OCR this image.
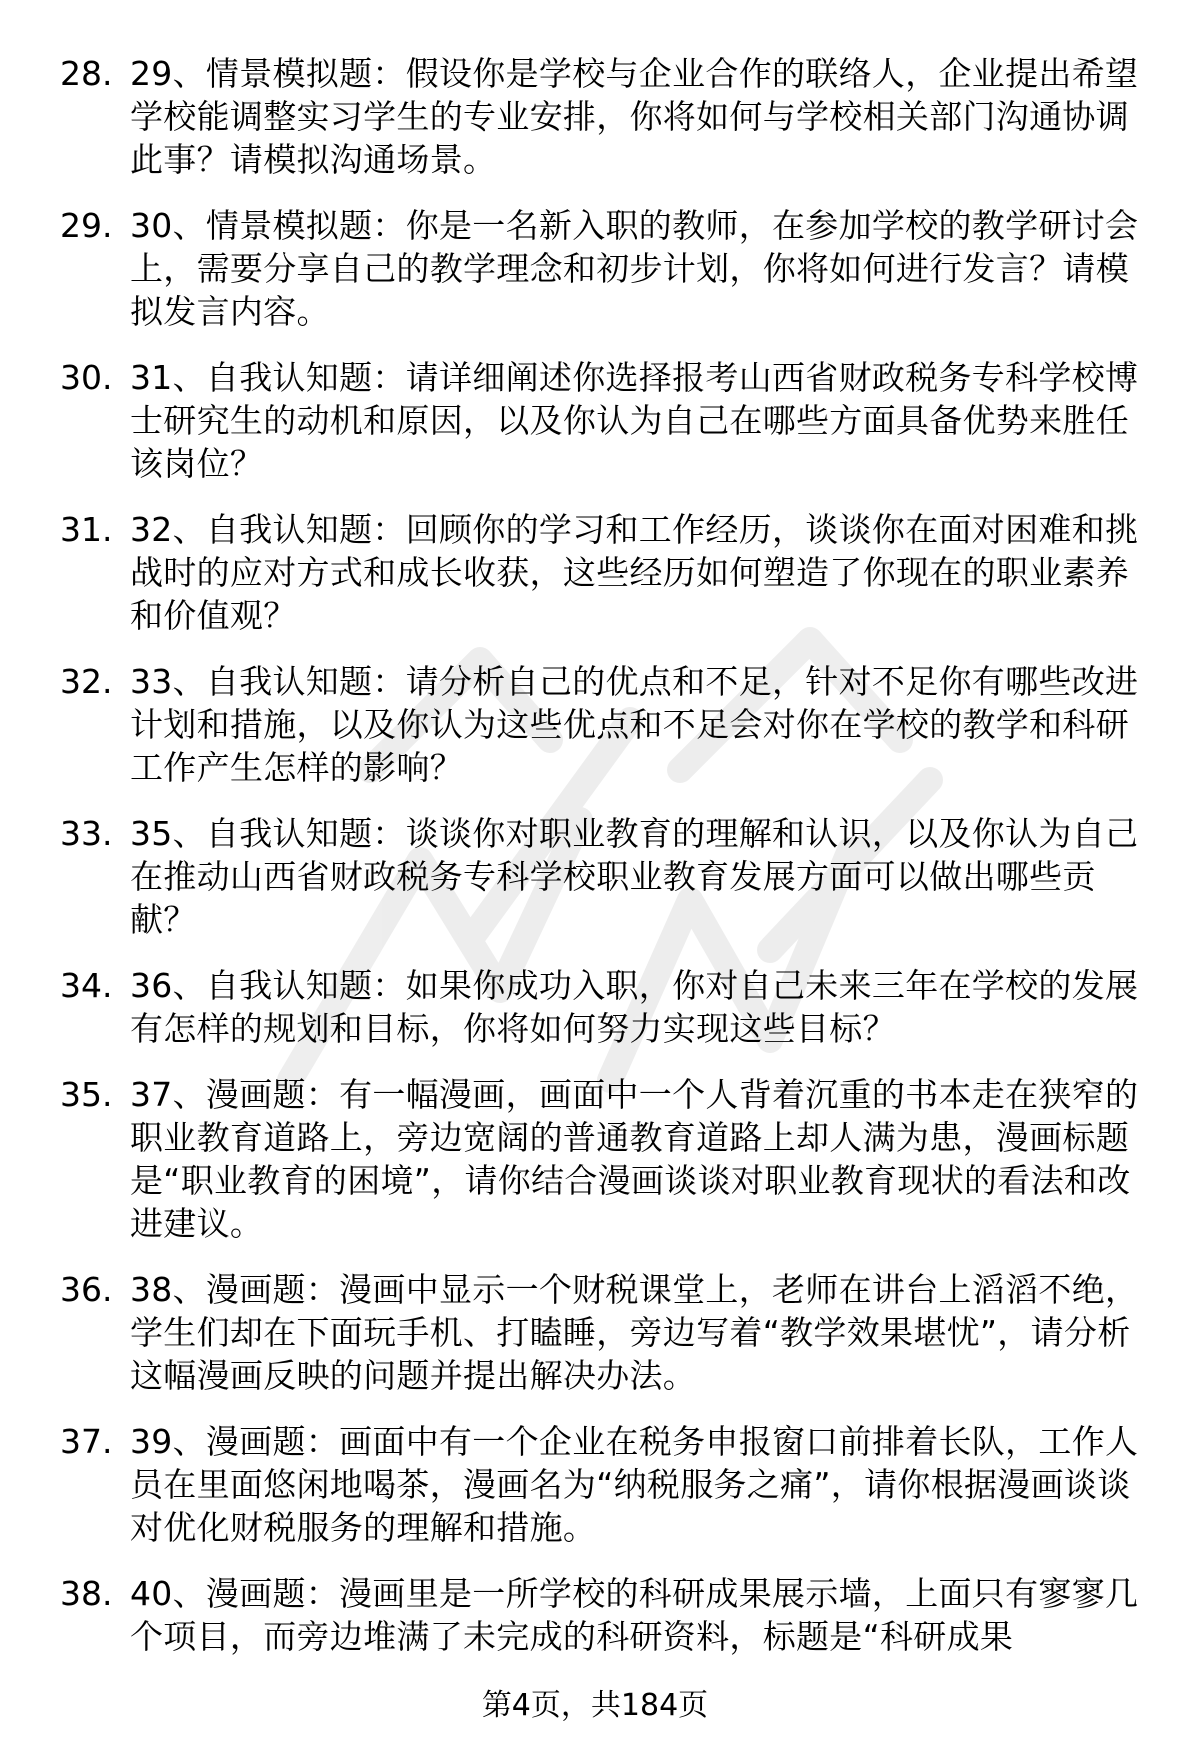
28. 29、情景模拟题：假设你是学校与企业合作的联络人，企业提出希望学校能调整实习学生的专业安排，你将如何与学校相关部门沟通协调此事？请模拟沟通场景。
29. 30、情景模拟题：你是一名新入职的教师，在参加学校的教学研讨会上，需要分享自己的教学理念和初步计划，你将如何进行发言？请模拟发言内容。
30. 31、自我认知题：请详细阐述你选择报考山西省财政税务专科学校博士研究生的动机和原因，以及你认为自己在哪些方面具备优势来胜任该岗位？
31. 32、自我认知题：回顾你的学习和工作经历，谈谈你在面对困难和挑战时的应对方式和成长收获，这些经历如何塑造了你现在的职业素养和价值观？
32. 33、自我认知题：请分析自己的优点和不足，针对不足你有哪些改进计划和措施，以及你认为这些优点和不足会对你在学校的教学和科研工作产生怎样的影响？
33. 35、自我认知题：谈谈你对职业教育的理解和认识，以及你认为自己在推动山西省财政税务专科学校职业教育发展方面可以做出哪些贡献？
34. 36、自我认知题：如果你成功入职，你对自己未来三年在学校的发展有怎样的规划和目标，你将如何努力实现这些目标？
35. 37、漫画题：有一幅漫画，画面中一个人背着沉重的书本走在狭窄的职业教育道路上，旁边宽阔的普通教育道路上却人满为患，漫画标题是“职业教育的困境”，请你结合漫画谈谈对职业教育现状的看法和改进建议。
36. 38、漫画题：漫画中显示一个财税课堂上，老师在讲台上滔滔不绝，学生们却在下面玩手机、打瞌睡，旁边写着“教学效果堪忧”，请分析这幅漫画反映的问题并提出解决办法。
37. 39、漫画题：画面中有一个企业在税务申报窗口前排着长队，工作人员在里面悠闲地喝茶，漫画名为“纳税服务之痛”，请你根据漫画谈谈对优化财税服务的理解和措施。
38. 40、漫画题：漫画里是一所学校的科研成果展示墙，上面只有寥寥几个项目，而旁边堆满了未完成的科研资料，标题是“科研成果
第4页，共184页
